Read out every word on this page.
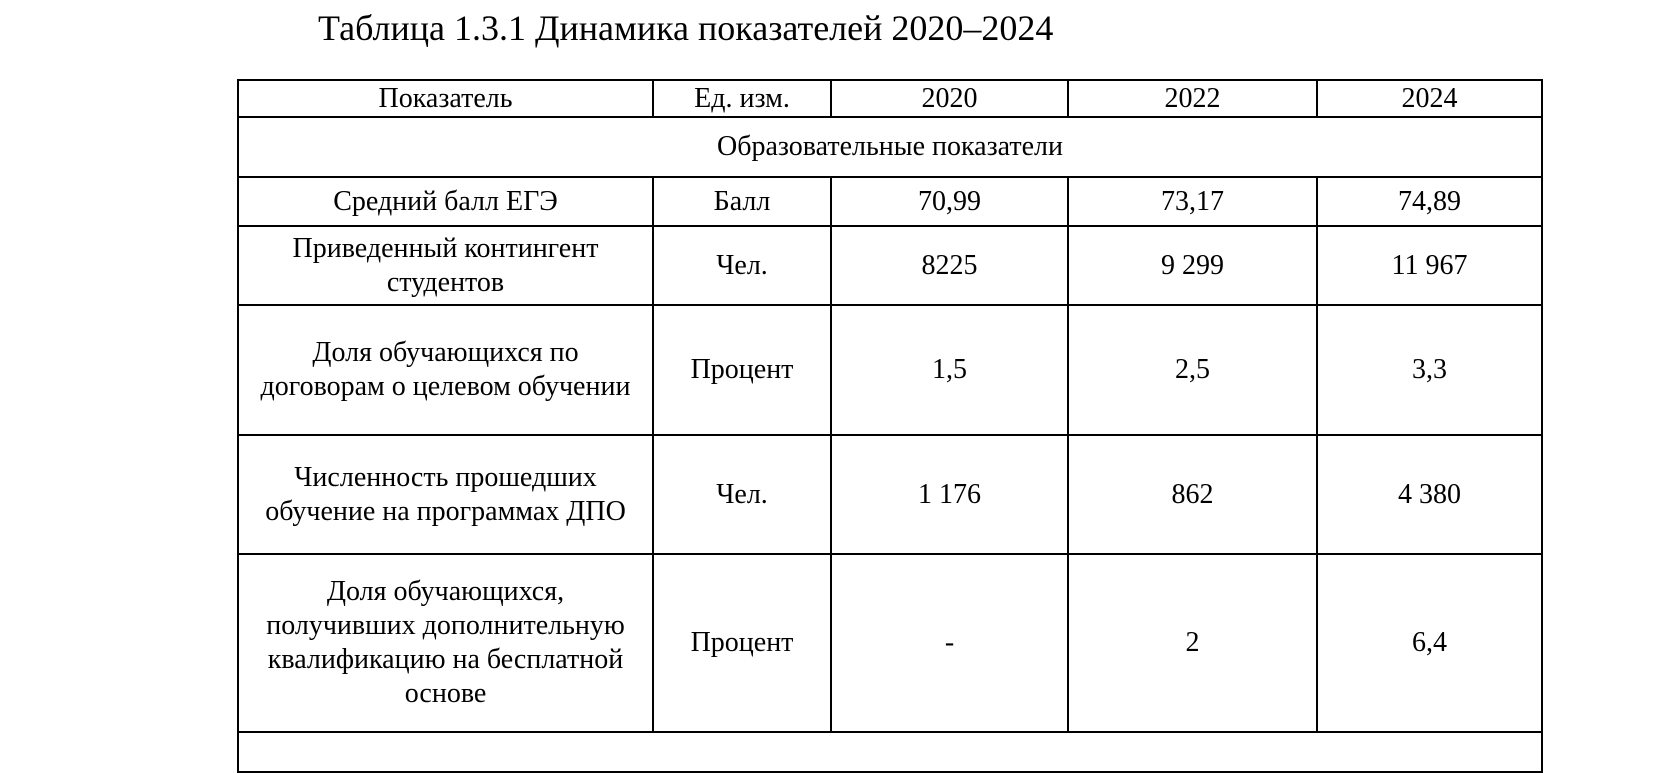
Таблица 1.3.1 Динамика показателей 2020–2024
Показатель	Ед. изм.	2020	2022	2024
Образовательные показатели				
Средний балл ЕГЭ	Балл	70,99	73,17	74,89
Приведенный контингент студентов	Чел.	8225	9 299	11 967
Доля обучающихся по договорам о целевом обучении	Процент	1,5	2,5	3,3
Численность прошедших обучение на программах ДПО	Чел.	1 176	862	4 380
Доля обучающихся, получивших дополнительную квалификацию на бесплатной основе	Процент	-	2	6,4
